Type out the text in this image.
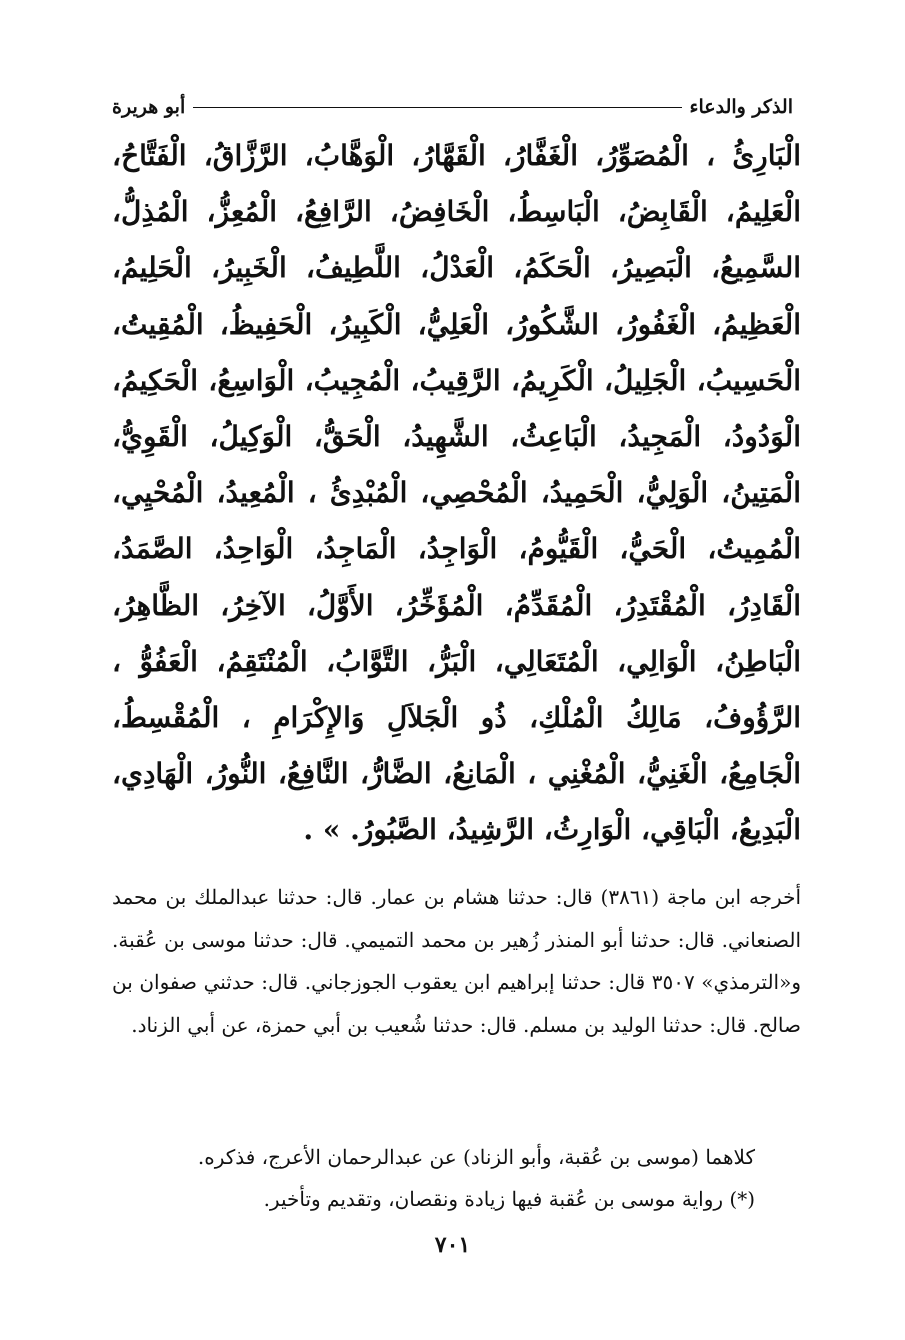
الذكر والدعاء
أبو هريرة
الْبَارِئُ ، الْمُصَوِّرُ، الْغَفَّارُ، الْقَهَّارُ، الْوَهَّابُ، الرَّزَّاقُ، الْفَتَّاحُ، الْعَلِيمُ، الْقَابِضُ، الْبَاسِطُ، الْخَافِضُ، الرَّافِعُ، الْمُعِزُّ، الْمُذِلُّ، السَّمِيعُ، الْبَصِيرُ، الْحَكَمُ، الْعَدْلُ، اللَّطِيفُ، الْخَبِيرُ، الْحَلِيمُ، الْعَظِيمُ، الْغَفُورُ، الشَّكُورُ، الْعَلِيُّ، الْكَبِيرُ، الْحَفِيظُ، الْمُقِيتُ، الْحَسِيبُ، الْجَلِيلُ، الْكَرِيمُ، الرَّقِيبُ، الْمُجِيبُ، الْوَاسِعُ، الْحَكِيمُ، الْوَدُودُ، الْمَجِيدُ، الْبَاعِثُ، الشَّهِيدُ، الْحَقُّ، الْوَكِيلُ، الْقَوِيُّ، الْمَتِينُ، الْوَلِيُّ، الْحَمِيدُ، الْمُحْصِي، الْمُبْدِئُ ، الْمُعِيدُ، الْمُحْيِي، الْمُمِيتُ، الْحَيُّ، الْقَيُّومُ، الْوَاجِدُ، الْمَاجِدُ، الْوَاحِدُ، الصَّمَدُ، الْقَادِرُ، الْمُقْتَدِرُ، الْمُقَدِّمُ، الْمُؤَخِّرُ، الأَوَّلُ، الآخِرُ، الظَّاهِرُ، الْبَاطِنُ، الْوَالِي، الْمُتَعَالِي، الْبَرُّ، التَّوَّابُ، الْمُنْتَقِمُ، الْعَفُوُّ ، الرَّؤُوفُ، مَالِكُ الْمُلْكِ، ذُو الْجَلاَلِ وَالإِكْرَامِ ، الْمُقْسِطُ، الْجَامِعُ، الْغَنِيُّ، الْمُغْنِي ، الْمَانِعُ، الضَّارُّ، النَّافِعُ، النُّورُ، الْهَادِي، الْبَدِيعُ، الْبَاقِي، الْوَارِثُ، الرَّشِيدُ، الصَّبُورُ. » .
أخرجه ابن ماجة (٣٨٦١) قال: حدثنا هشام بن عمار. قال: حدثنا عبدالملك بن محمد الصنعاني. قال: حدثنا أبو المنذر زُهير بن محمد التميمي. قال: حدثنا موسى بن عُقبة. و«الترمذي» ٣٥٠٧ قال: حدثنا إبراهيم ابن يعقوب الجوزجاني. قال: حدثني صفوان بن صالح. قال: حدثنا الوليد بن مسلم. قال: حدثنا شُعيب بن أبي حمزة، عن أبي الزناد.

كلاهما (موسى بن عُقبة، وأبو الزناد) عن عبدالرحمان الأعرج، فذكره.

(*) رواية موسى بن عُقبة فيها زيادة ونقصان، وتقديم وتأخير.

٧٠١
